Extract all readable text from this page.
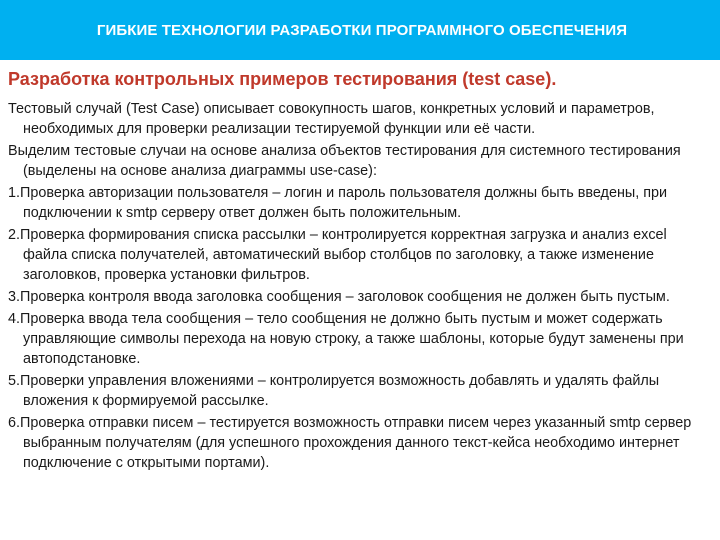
ГИБКИЕ ТЕХНОЛОГИИ РАЗРАБОТКИ ПРОГРАММНОГО ОБЕСПЕЧЕНИЯ
Разработка контрольных примеров тестирования (test case).

Тестовый случай (Test Case) описывает совокупность шагов, конкретных условий и параметров, необходимых для проверки реализации тестируемой функции или её части.

Выделим тестовые случаи на основе анализа объектов тестирования для системного тестирования (выделены на основе анализа диаграммы use-case):

1.Проверка авторизации пользователя – логин и пароль пользователя должны быть введены, при подключении к smtp серверу ответ должен быть положительным.

2.Проверка формирования списка рассылки – контролируется корректная загрузка и анализ excel файла списка получателей, автоматический выбор столбцов по заголовку, а также изменение заголовков, проверка установки фильтров.

3.Проверка контроля ввода заголовка сообщения – заголовок сообщения не должен быть пустым.

4.Проверка ввода тела сообщения – тело сообщения не должно быть пустым и может содержать управляющие символы перехода на новую строку, а также шаблоны, которые будут заменены при автоподстановке.

5.Проверки управления вложениями – контролируется возможность добавлять и удалять файлы вложения к формируемой рассылке.

6.Проверка отправки писем – тестируется возможность отправки писем через указанный smtp сервер выбранным получателям (для успешного прохождения данного текст-кейса необходимо интернет подключение с открытыми портами).
